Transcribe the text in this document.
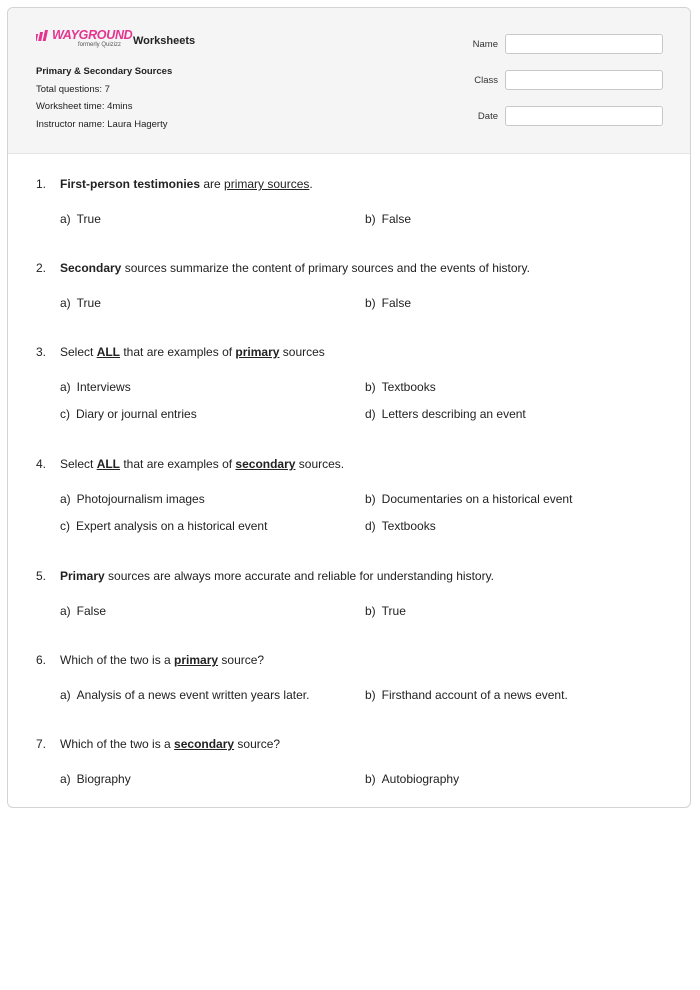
WAYGROUND
formerly Quizizz Worksheets
Primary & Secondary Sources
Total questions: 7
Worksheet time: 4mins
Instructor name: Laura Hagerty
Name
Class
Date
1. First-person testimonies are primary sources.
a) True	b) False
2. Secondary sources summarize the content of primary sources and the events of history.
a) True	b) False
3. Select ALL that are examples of primary sources
a) Interviews	b) Textbooks
c) Diary or journal entries	d) Letters describing an event
4. Select ALL that are examples of secondary sources.
a) Photojournalism images	b) Documentaries on a historical event
c) Expert analysis on a historical event	d) Textbooks
5. Primary sources are always more accurate and reliable for understanding history.
a) False	b) True
6. Which of the two is a primary source?
a) Analysis of a news event written years later.	b) Firsthand account of a news event.
7. Which of the two is a secondary source?
a) Biography	b) Autobiography
